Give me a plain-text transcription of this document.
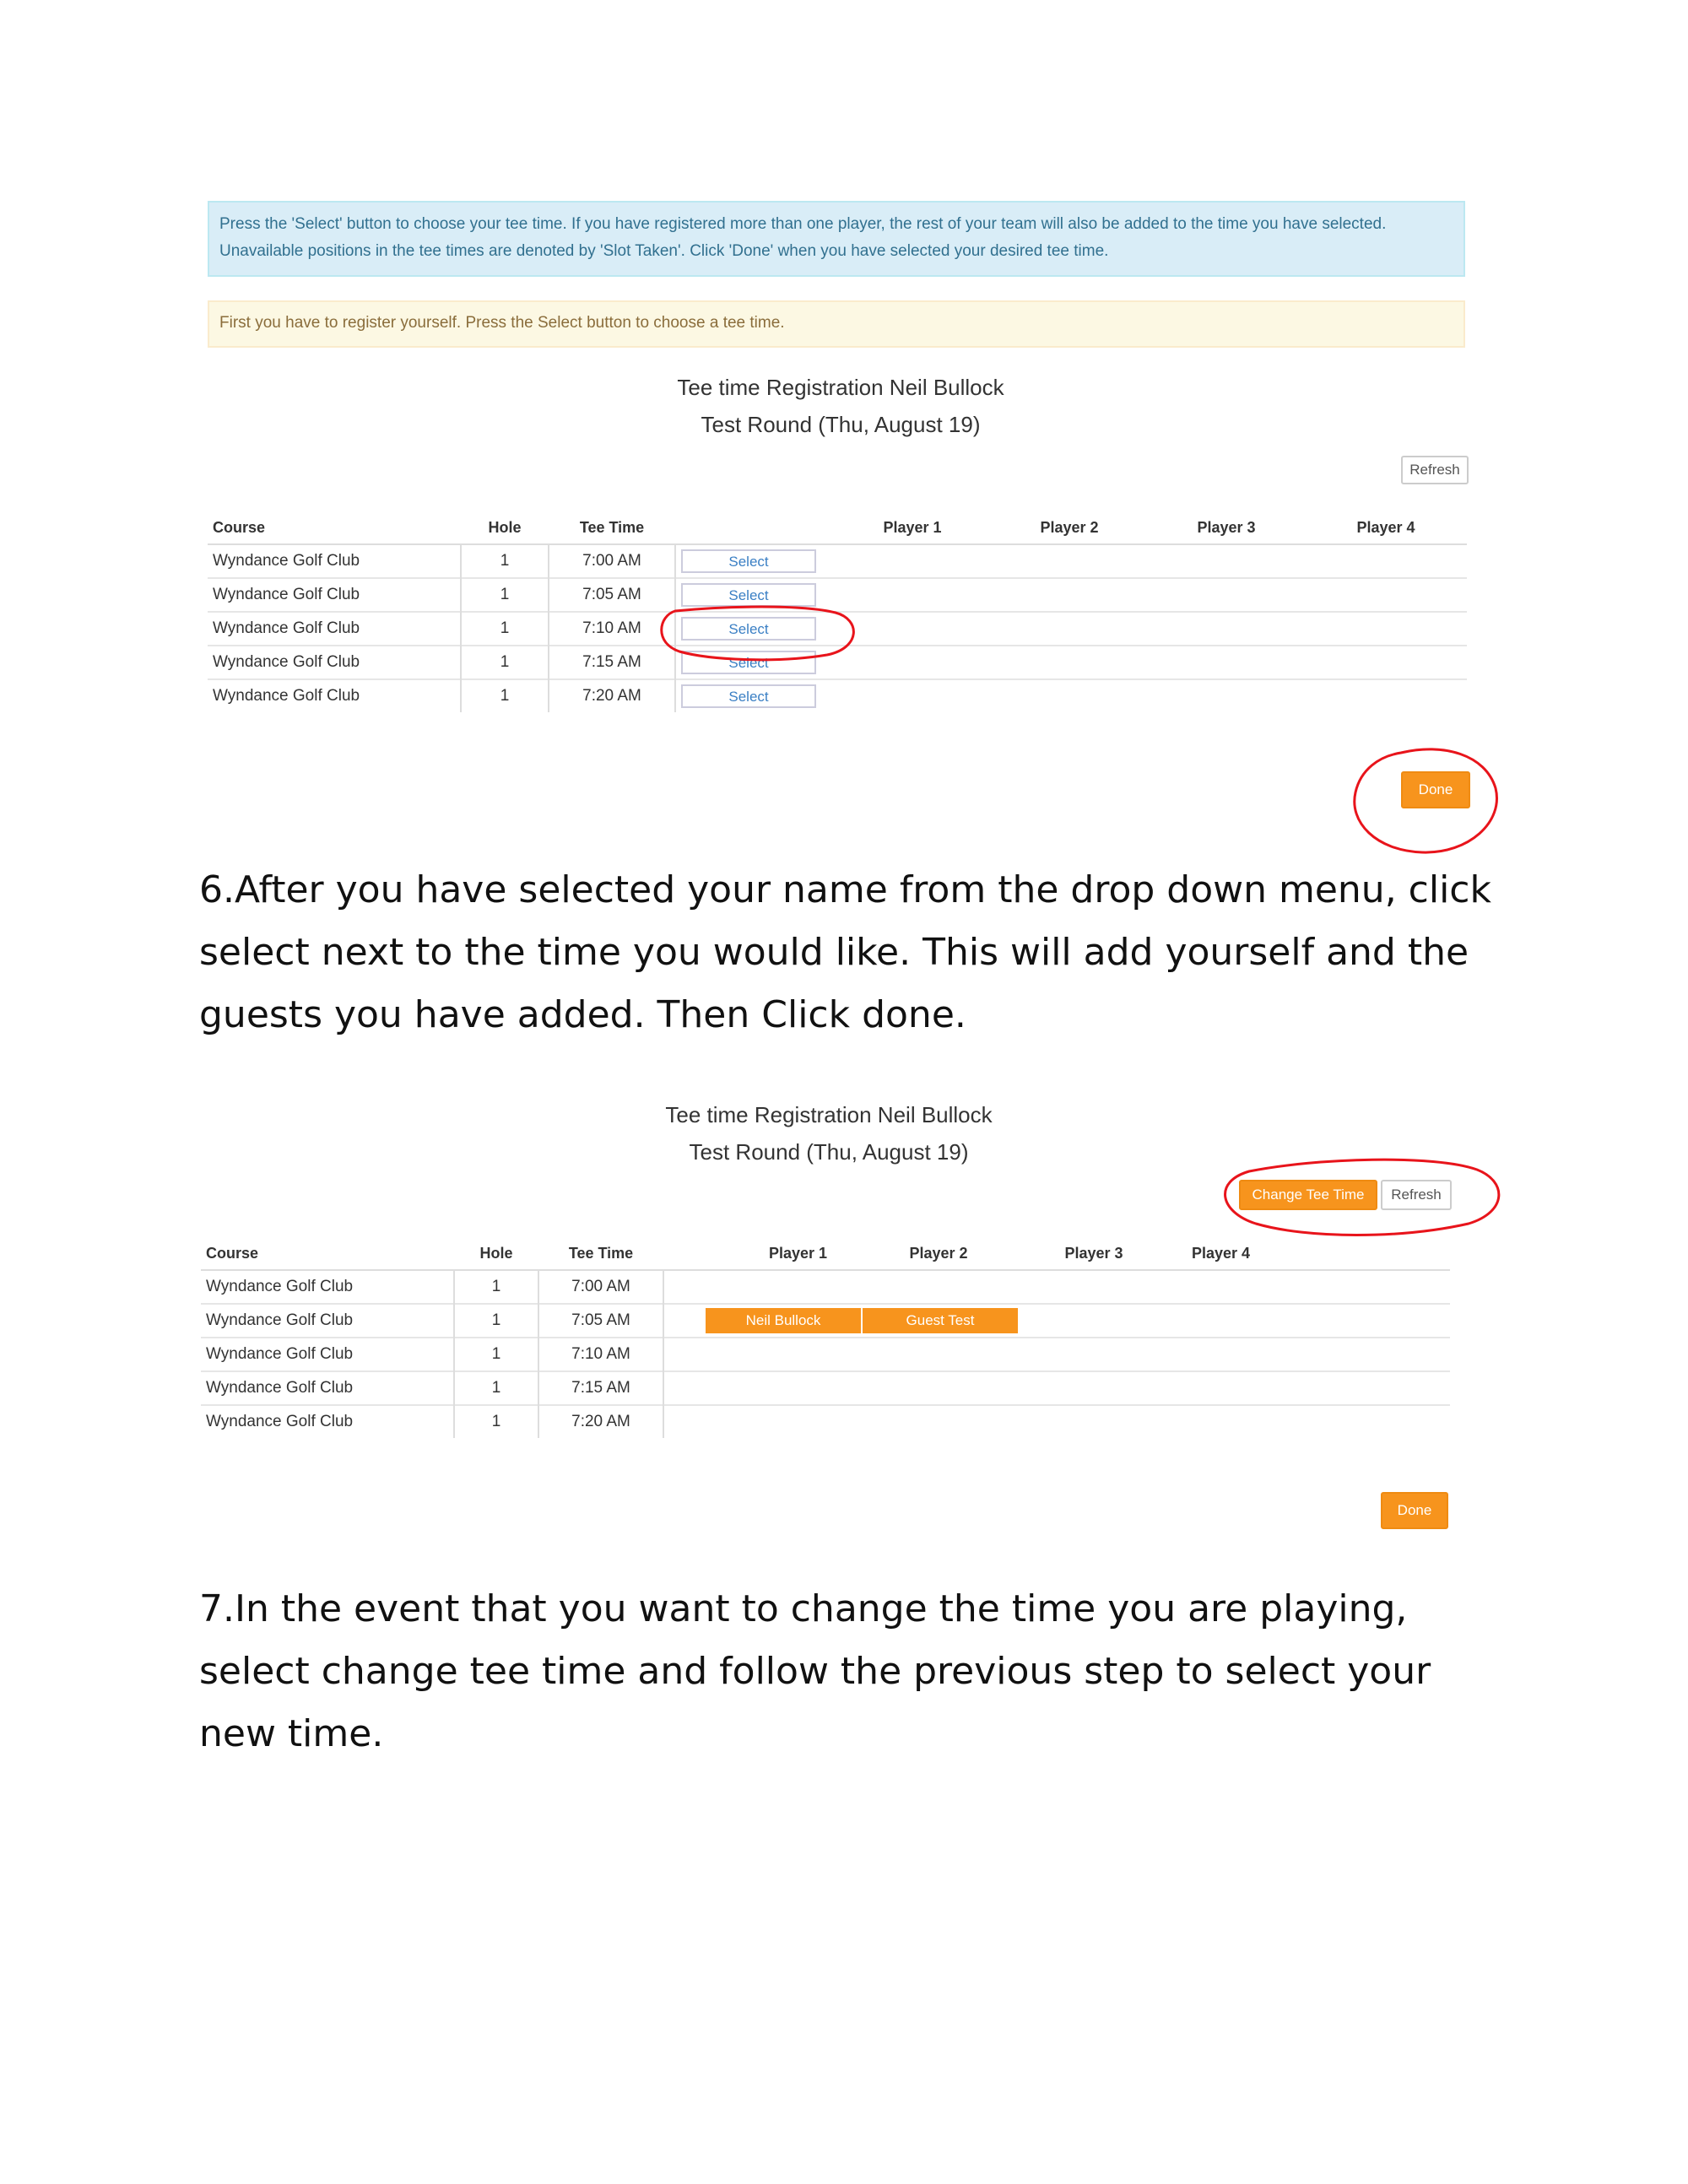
Press the 'Select' button to choose your tee time. If you have registered more than one player, the rest of your team will also be added to the time you have selected. Unavailable positions in the tee times are denoted by 'Slot Taken'. Click 'Done' when you have selected your desired tee time.
First you have to register yourself. Press the Select button to choose a tee time.
Tee time Registration Neil Bullock
Test Round (Thu, August 19)
Refresh
Course	Hole	Tee Time		Player 1	Player 2	Player 3	Player 4
Wyndance Golf Club	1	7:00 AM	Select				
Wyndance Golf Club	1	7:05 AM	Select				
Wyndance Golf Club	1	7:10 AM	Select				
Wyndance Golf Club	1	7:15 AM	Select				
Wyndance Golf Club	1	7:20 AM	Select				
Done
6.After you have selected your name from the drop down menu, click select next to the time you would like. This will add yourself and the guests you have added. Then Click done.
Tee time Registration Neil Bullock
Test Round (Thu, August 19)
Change Tee Time	Refresh
Course	Hole	Tee Time	Player 1	Player 2	Player 3	Player 4
Wyndance Golf Club	1	7:00 AM				
Wyndance Golf Club	1	7:05 AM	Neil Bullock	Guest Test		
Wyndance Golf Club	1	7:10 AM				
Wyndance Golf Club	1	7:15 AM				
Wyndance Golf Club	1	7:20 AM				
Done
7.In the event that you want to change the time you are playing, select change tee time and follow the previous step to select your new time.
